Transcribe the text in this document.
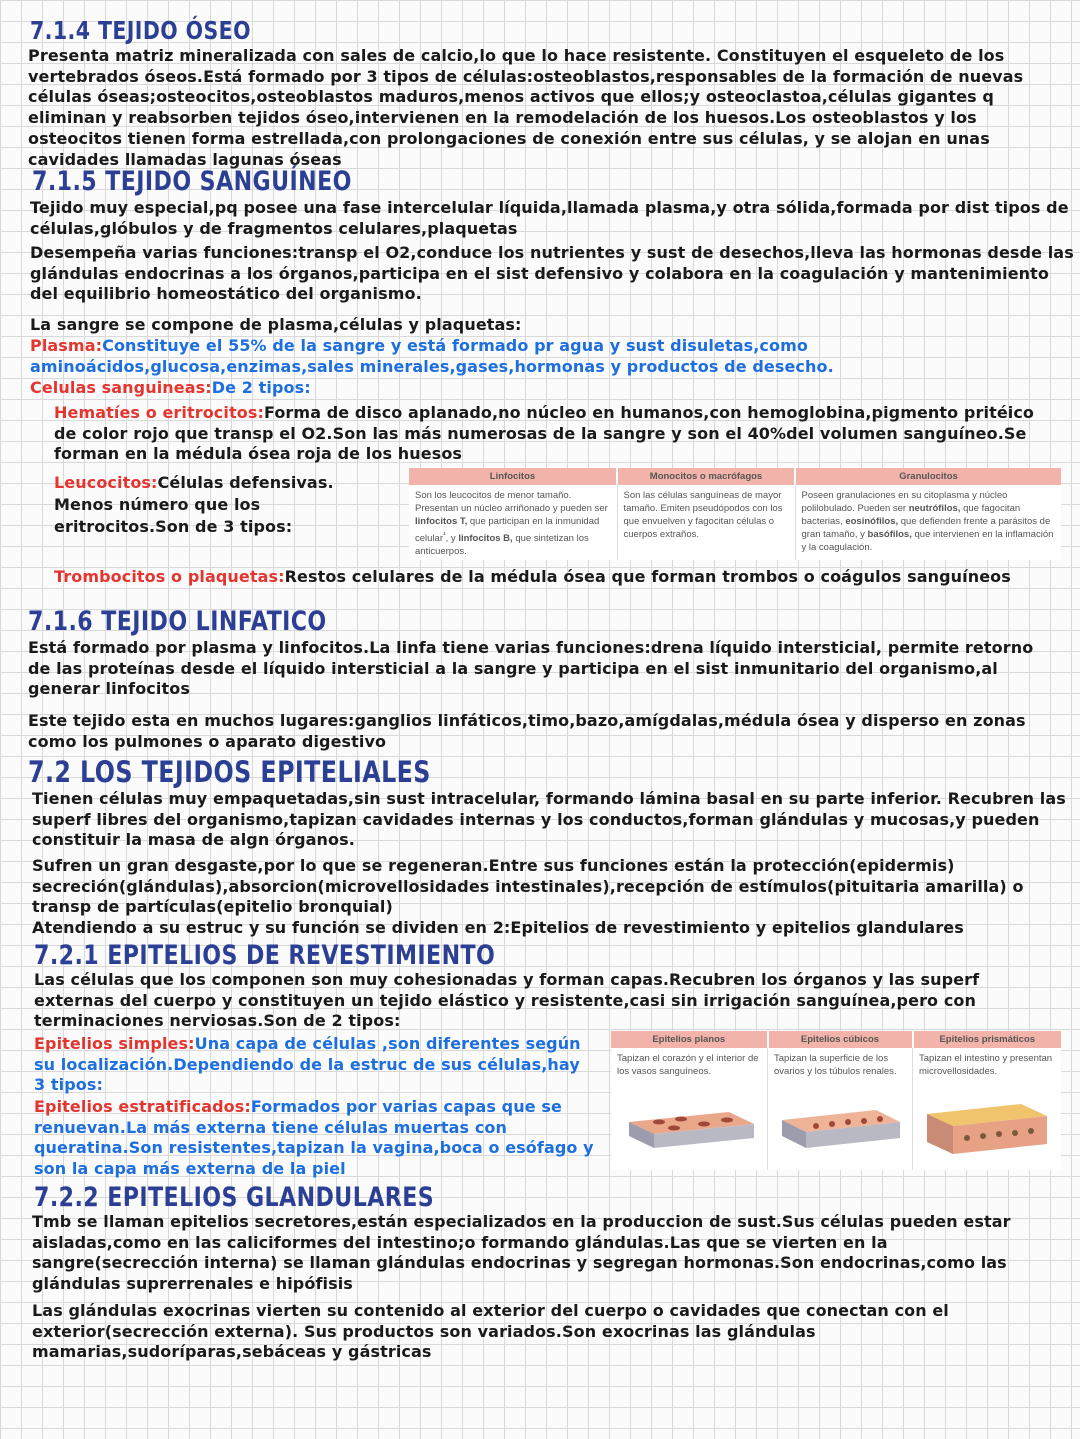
7.1.4 TEJIDO ÓSEO

Presenta matriz mineralizada con sales de calcio,lo que lo hace resistente. Constituyen el esqueleto de los vertebrados óseos.Está formado por 3 tipos de células:osteoblastos,responsables de la formación de nuevas células óseas;osteocitos,osteoblastos maduros,menos activos que ellos;y osteoclastoa,células gigantes q eliminan y reabsorben tejidos óseo,intervienen en la remodelación de los huesos.Los osteoblastos y los osteocitos tienen forma estrellada,con prolongaciones de conexión entre sus células, y se alojan en unas cavidades llamadas lagunas óseas

7.1.5 TEJIDO SANGUÍNEO

Tejido muy especial,pq posee una fase intercelular líquida,llamada plasma,y otra sólida,formada por dist tipos de células,glóbulos y de fragmentos celulares,plaquetas

Desempeña varias funciones:transp el O2,conduce los nutrientes y sust de desechos,lleva las hormonas desde las glándulas endocrinas a los órganos,participa en el sist defensivo y colabora en la coagulación y mantenimiento del equilibrio homeostático del organismo.

La sangre se compone de plasma,células y plaquetas:

Plasma:Constituye el 55% de la sangre y está formado pr agua y sust disuletas,como aminoácidos,glucosa,enzimas,sales minerales,gases,hormonas y productos de desecho.

Celulas sanguineas:De 2 tipos:

Hematíes o eritrocitos:Forma de disco aplanado,no núcleo en humanos,con hemoglobina,pigmento pritéico de color rojo que transp el O2.Son las más numerosas de la sangre y son el 40%del volumen sanguíneo.Se forman en la médula ósea roja de los huesos

Leucocitos:Células defensivas. Menos número que los eritrocitos.Son de 3 tipos:

Linfocitos	Monocitos o macrófagos	Granulocitos
Son los leucocitos de menor tamaño. Presentan un núcleo arriñonado y pueden ser linfocitos T, que participan en la inmunidad celular$^{^1}$, y linfocitos B, que sintetizan los anticuerpos.	Son las células sanguíneas de mayor tamaño. Emiten pseudópodos con los que envuelven y fagocitan células o cuerpos extraños.	Poseen granulaciones en su citoplasma y núcleo polilobulado. Pueden ser neutrófilos, que fagocitan bacterias, eosinófilos, que defienden frente a parásitos de gran tamaño, y basófilos, que intervienen en la inflamación y la coagulación.

Trombocitos o plaquetas:Restos celulares de la médula ósea que forman trombos o coágulos sanguíneos

7.1.6 TEJIDO LINFATICO

Está formado por plasma y linfocitos.La linfa tiene varias funciones:drena líquido intersticial, permite retorno de las proteínas desde el líquido intersticial a la sangre y participa en el sist inmunitario del organismo,al generar linfocitos

Este tejido esta en muchos lugares:ganglios linfáticos,timo,bazo,amígdalas,médula ósea y disperso en zonas como los pulmones o aparato digestivo

7.2 LOS TEJIDOS EPITELIALES

Tienen células muy empaquetadas,sin sust intracelular, formando lámina basal en su parte inferior. Recubren las superf libres del organismo,tapizan cavidades internas y los conductos,forman glándulas y mucosas,y pueden constituir la masa de algn órganos.

Sufren un gran desgaste,por lo que se regeneran.Entre sus funciones están la protección(epidermis) secreción(glándulas),absorcion(microvellosidades intestinales),recepción de estímulos(pituitaria amarilla) o transp de partículas(epitelio bronquial)

Atendiendo a su estruc y su función se dividen en 2:Epitelios de revestimiento y epitelios glandulares

7.2.1 EPITELIOS DE REVESTIMIENTO

Las células que los componen son muy cohesionadas y forman capas.Recubren los órganos y las superf externas del cuerpo y constituyen un tejido elástico y resistente,casi sin irrigación sanguínea,pero con terminaciones nerviosas.Son de 2 tipos:

Epitelios simples:Una capa de células ,son diferentes según su localización.Dependiendo de la estruc de sus células,hay 3 tipos:

Epitelios estratificados:Formados por varias capas que se renuevan.La más externa tiene células muertas con queratina.Son resistentes,tapizan la vagina,boca o esófago y son la capa más externa de la piel

Epitelios planos	Epitelios cúbicos	Epitelios prismáticos
Tapizan el corazón y el interior de los vasos sanguíneos.	Tapizan la superficie de los ovarios y los túbulos renales.	Tapizan el intestino y presentan microvellosidades.

7.2.2 EPITELIOS GLANDULARES

Tmb se llaman epitelios secretores,están especializados en la produccion de sust.Sus células pueden estar aisladas,como en las caliciformes del intestino;o formando glándulas.Las que se vierten en la sangre(secrección interna) se llaman glándulas endocrinas y segregan hormonas.Son endocrinas,como las glándulas suprerrenales e hipófisis

Las glándulas exocrinas vierten su contenido al exterior del cuerpo o cavidades que conectan con el exterior(secrección externa). Sus productos son variados.Son exocrinas las glándulas mamarias,sudoríparas,sebáceas y gástricas
